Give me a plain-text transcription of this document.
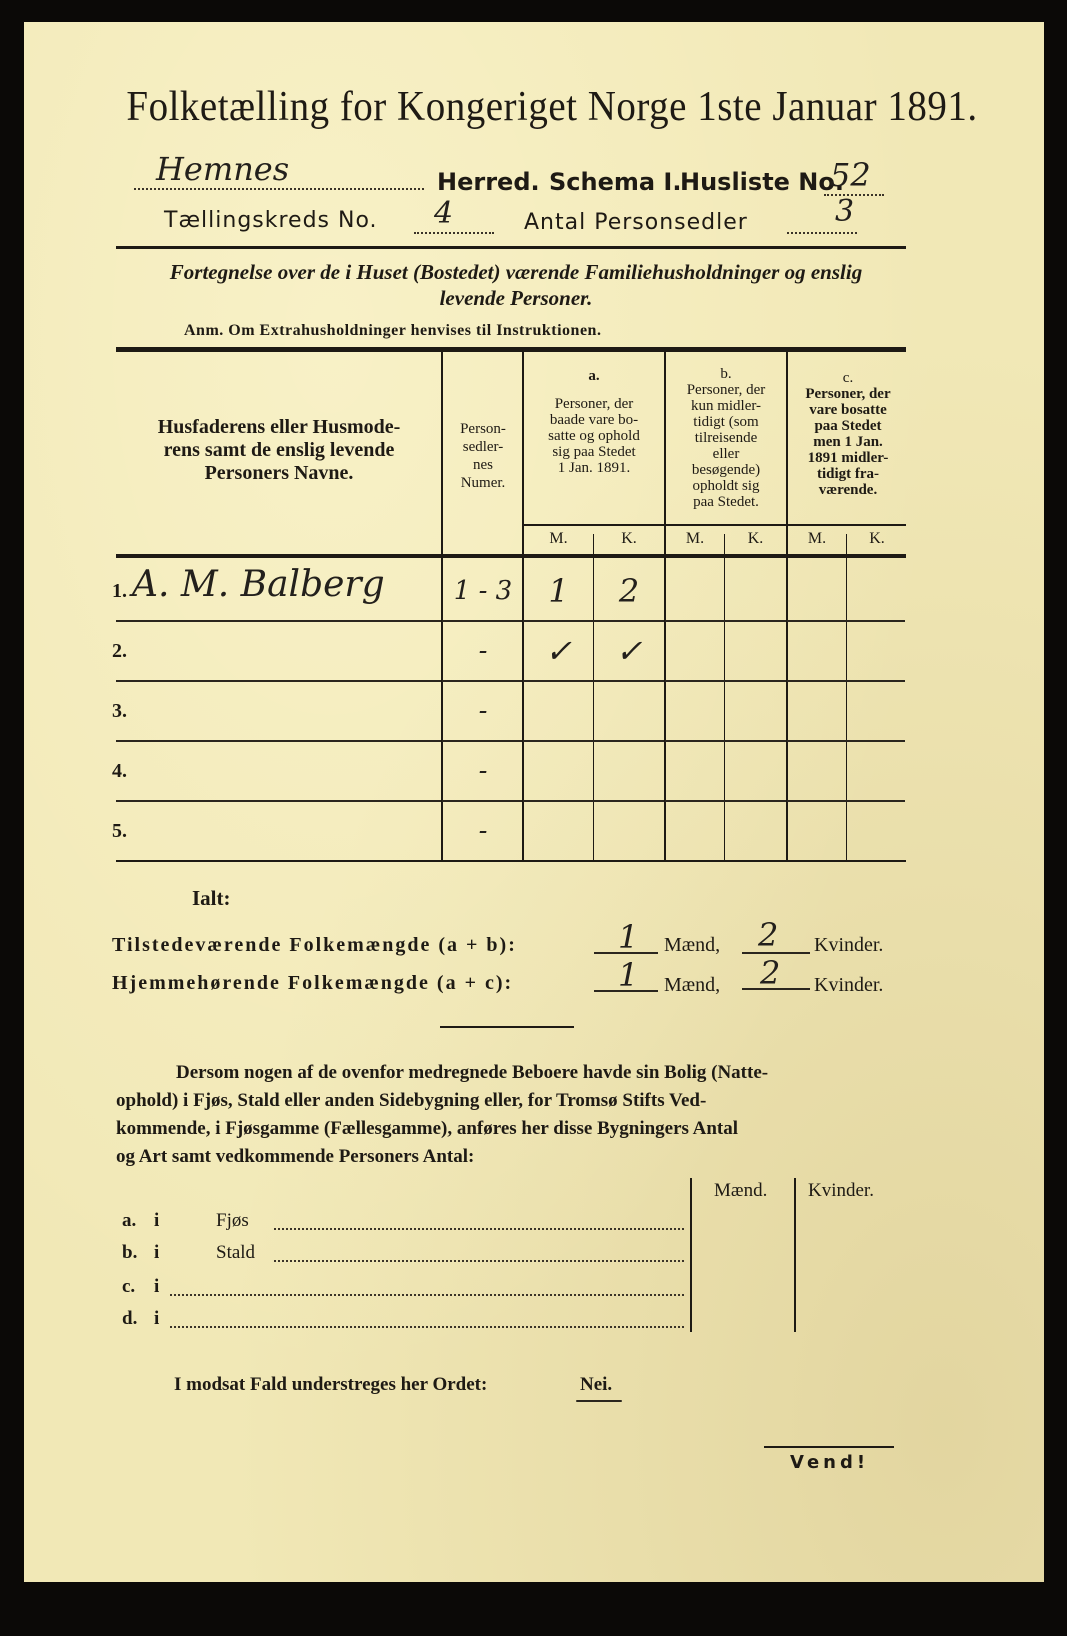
Folketælling for Kongeriget Norge 1ste Januar 1891.
Hemnes	Herred. Schema I.
Husliste No.
52
Tællingskreds No. 4	Antal Personsedler	3
Fortegnelse over de i Huset (Bostedet) værende Familiehusholdninger og enslig
levende Personer.
Anm. Om Extrahusholdninger henvises til Instruktionen.
Husfaderens eller Husmode-
rens samt de enslig levende
Personers Navne.
Person-
sedler-
nes
Numer.
a.
Personer, der
baade vare bo-
satte og ophold
sig paa Stedet
1 Jan. 1891.
b.
Personer, der
kun midler-
tidigt (som
tilreisende
eller
besøgende)
opholdt sig
paa Stedet.
c.
Personer, der
vare bosatte
paa Stedet
men 1 Jan.
1891 midler-
tidigt fra-
værende.
M.	K.	M.	K.	M.	K.
1. A. M. Balberg	1 - 3	1	2
2.	-	✓	✓
3.	-
4.	-
5.	-
Ialt:
Tilstedeværende Folkemængde (a + b):	1 Mænd, 2 Kvinder.
Hjemmehørende Folkemængde (a + c):	1 Mænd, 2 Kvinder.
Dersom nogen af de ovenfor medregnede Beboere havde sin Bolig (Natte-
ophold) i Fjøs, Stald eller anden Sidebygning eller, for Tromsø Stifts Ved-
kommende, i Fjøsgamme (Fællesgamme), anføres her disse Bygningers Antal
og Art samt vedkommende Personers Antal:
Mænd. Kvinder.
a. i	Fjøs
b. i	Stald
c. i
d. i
I modsat Fald understreges her Ordet:	Nei.
Vend!
